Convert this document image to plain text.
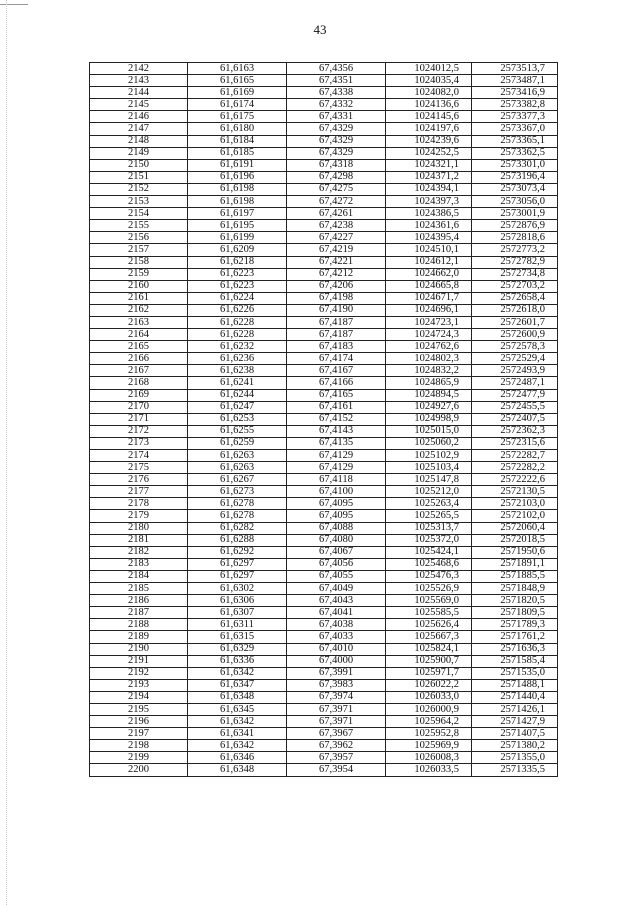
43
2142	61,6163	67,4356	1024012,5	2573513,7
2143	61,6165	67,4351	1024035,4	2573487,1
2144	61,6169	67,4338	1024082,0	2573416,9
2145	61,6174	67,4332	1024136,6	2573382,8
2146	61,6175	67,4331	1024145,6	2573377,3
2147	61,6180	67,4329	1024197,6	2573367,0
2148	61,6184	67,4329	1024239,6	2573365,1
2149	61,6185	67,4329	1024252,5	2573362,5
2150	61,6191	67,4318	1024321,1	2573301,0
2151	61,6196	67,4298	1024371,2	2573196,4
2152	61,6198	67,4275	1024394,1	2573073,4
2153	61,6198	67,4272	1024397,3	2573056,0
2154	61,6197	67,4261	1024386,5	2573001,9
2155	61,6195	67,4238	1024361,6	2572876,9
2156	61,6199	67,4227	1024395,4	2572818,6
2157	61,6209	67,4219	1024510,1	2572773,2
2158	61,6218	67,4221	1024612,1	2572782,9
2159	61,6223	67,4212	1024662,0	2572734,8
2160	61,6223	67,4206	1024665,8	2572703,2
2161	61,6224	67,4198	1024671,7	2572658,4
2162	61,6226	67,4190	1024696,1	2572618,0
2163	61,6228	67,4187	1024723,1	2572601,7
2164	61,6228	67,4187	1024724,3	2572600,9
2165	61,6232	67,4183	1024762,6	2572578,3
2166	61,6236	67,4174	1024802,3	2572529,4
2167	61,6238	67,4167	1024832,2	2572493,9
2168	61,6241	67,4166	1024865,9	2572487,1
2169	61,6244	67,4165	1024894,5	2572477,9
2170	61,6247	67,4161	1024927,6	2572455,5
2171	61,6253	67,4152	1024998,9	2572407,5
2172	61,6255	67,4143	1025015,0	2572362,3
2173	61,6259	67,4135	1025060,2	2572315,6
2174	61,6263	67,4129	1025102,9	2572282,7
2175	61,6263	67,4129	1025103,4	2572282,2
2176	61,6267	67,4118	1025147,8	2572222,6
2177	61,6273	67,4100	1025212,0	2572130,5
2178	61,6278	67,4095	1025263,4	2572103,0
2179	61,6278	67,4095	1025265,5	2572102,0
2180	61,6282	67,4088	1025313,7	2572060,4
2181	61,6288	67,4080	1025372,0	2572018,5
2182	61,6292	67,4067	1025424,1	2571950,6
2183	61,6297	67,4056	1025468,6	2571891,1
2184	61,6297	67,4055	1025476,3	2571885,5
2185	61,6302	67,4049	1025526,9	2571848,9
2186	61,6306	67,4043	1025569,0	2571820,5
2187	61,6307	67,4041	1025585,5	2571809,5
2188	61,6311	67,4038	1025626,4	2571789,3
2189	61,6315	67,4033	1025667,3	2571761,2
2190	61,6329	67,4010	1025824,1	2571636,3
2191	61,6336	67,4000	1025900,7	2571585,4
2192	61,6342	67,3991	1025971,7	2571535,0
2193	61,6347	67,3983	1026022,2	2571488,1
2194	61,6348	67,3974	1026033,0	2571440,4
2195	61,6345	67,3971	1026000,9	2571426,1
2196	61,6342	67,3971	1025964,2	2571427,9
2197	61,6341	67,3967	1025952,8	2571407,5
2198	61,6342	67,3962	1025969,9	2571380,2
2199	61,6346	67,3957	1026008,3	2571355,0
2200	61,6348	67,3954	1026033,5	2571335,5
